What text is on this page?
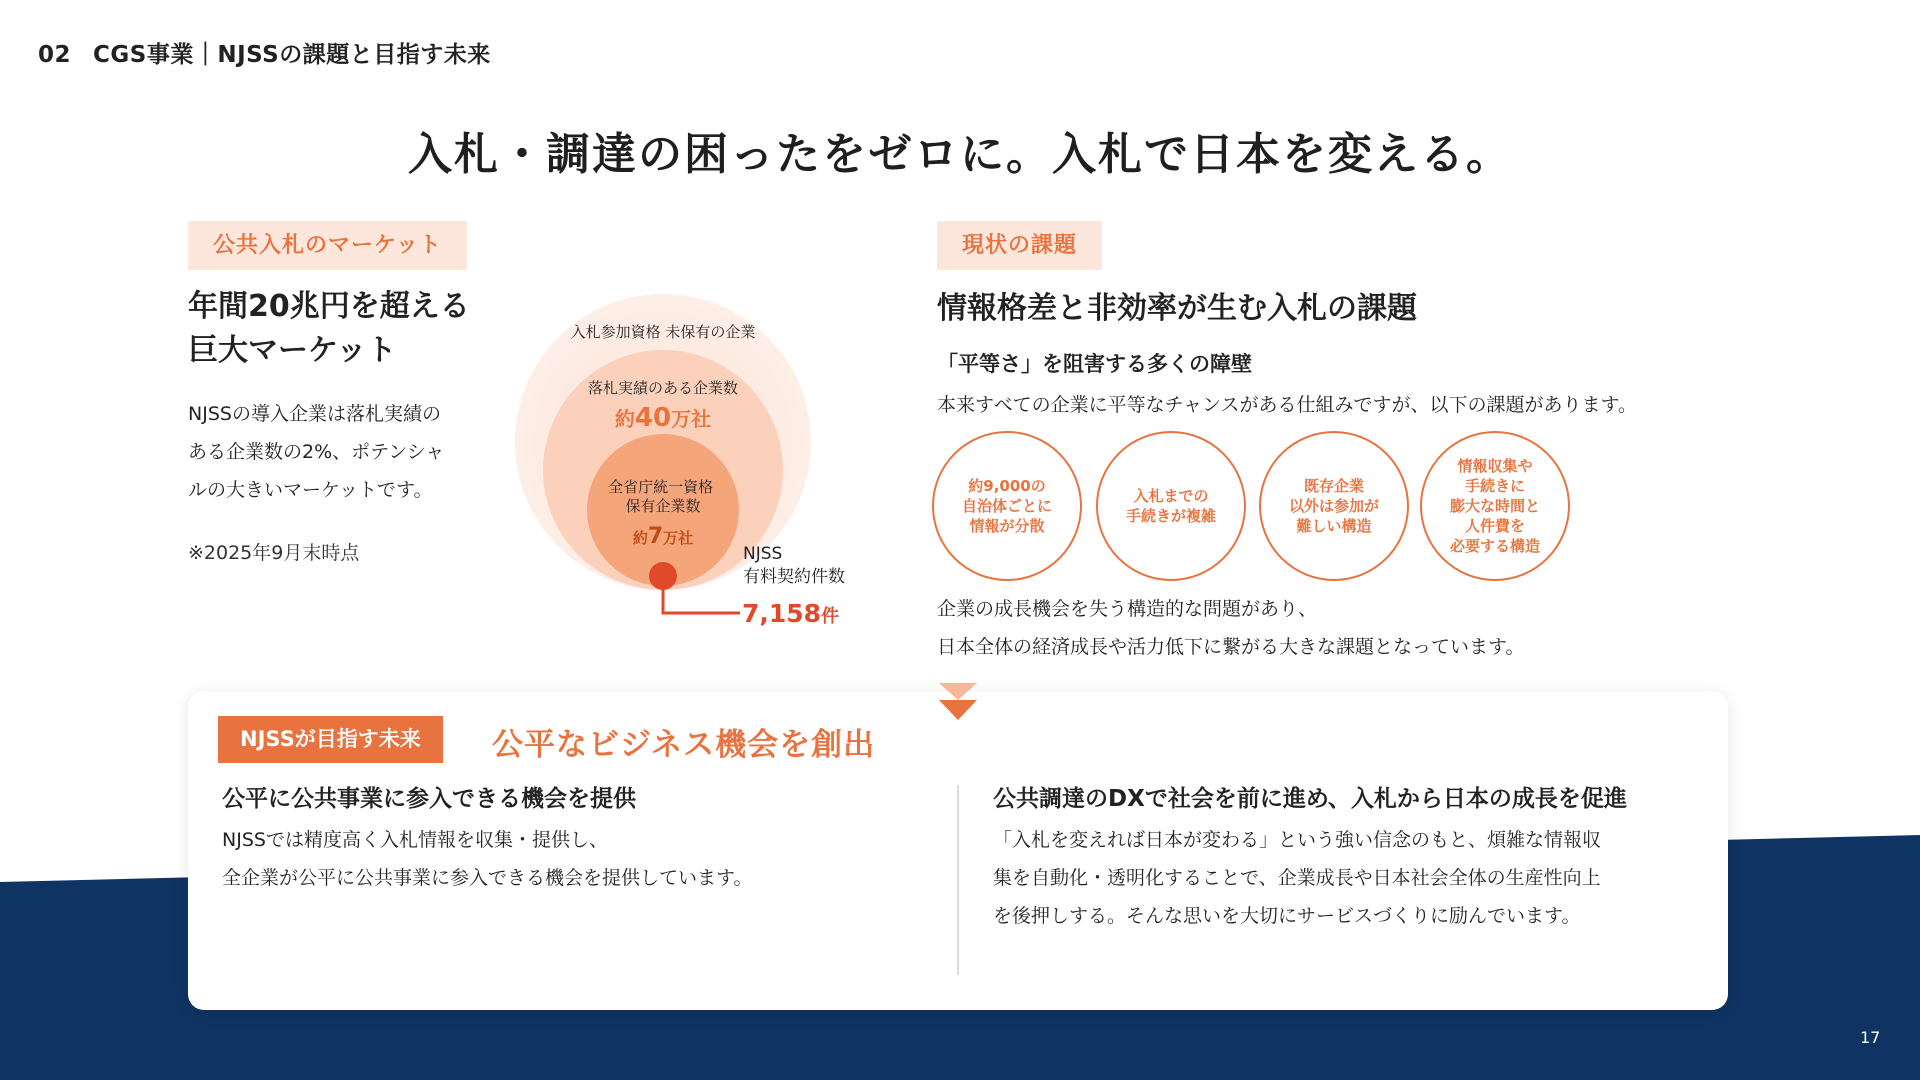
02 CGS事業｜NJSSの課題と目指す未来
入札・調達の困ったをゼロに。入札で日本を変える。
公共入札のマーケット
年間20兆円を超える
巨大マーケット
NJSSの導入企業は落札実績の
ある企業数の2%、ポテンシャ
ルの大きいマーケットです。
※2025年9月末時点
入札参加資格 未保有の企業
落札実績のある企業数
約40万社
全省庁統一資格 保有企業数
約7万社
NJSS 有料契約件数
7,158件
現状の課題
情報格差と非効率が生む入札の課題
「平等さ」を阻害する多くの障壁
本来すべての企業に平等なチャンスがある仕組みですが、以下の課題があります。
約9,000の
自治体ごとに
情報が分散
入札までの
手続きが複雑
既存企業
以外は参加が
難しい構造
情報収集や
手続きに
膨大な時間と
人件費を
必要する構造
企業の成長機会を失う構造的な問題があり、
日本全体の経済成長や活力低下に繋がる大きな課題となっています。
NJSSが目指す未来	公平なビジネス機会を創出
公平に公共事業に参入できる機会を提供
NJSSでは精度高く入札情報を収集・提供し、
全企業が公平に公共事業に参入できる機会を提供しています。
公共調達のDXで社会を前に進め、入札から日本の成長を促進
「入札を変えれば日本が変わる」という強い信念のもと、煩雑な情報収
集を自動化・透明化することで、企業成長や日本社会全体の生産性向上
を後押しする。そんな思いを大切にサービスづくりに励んでいます。
17
